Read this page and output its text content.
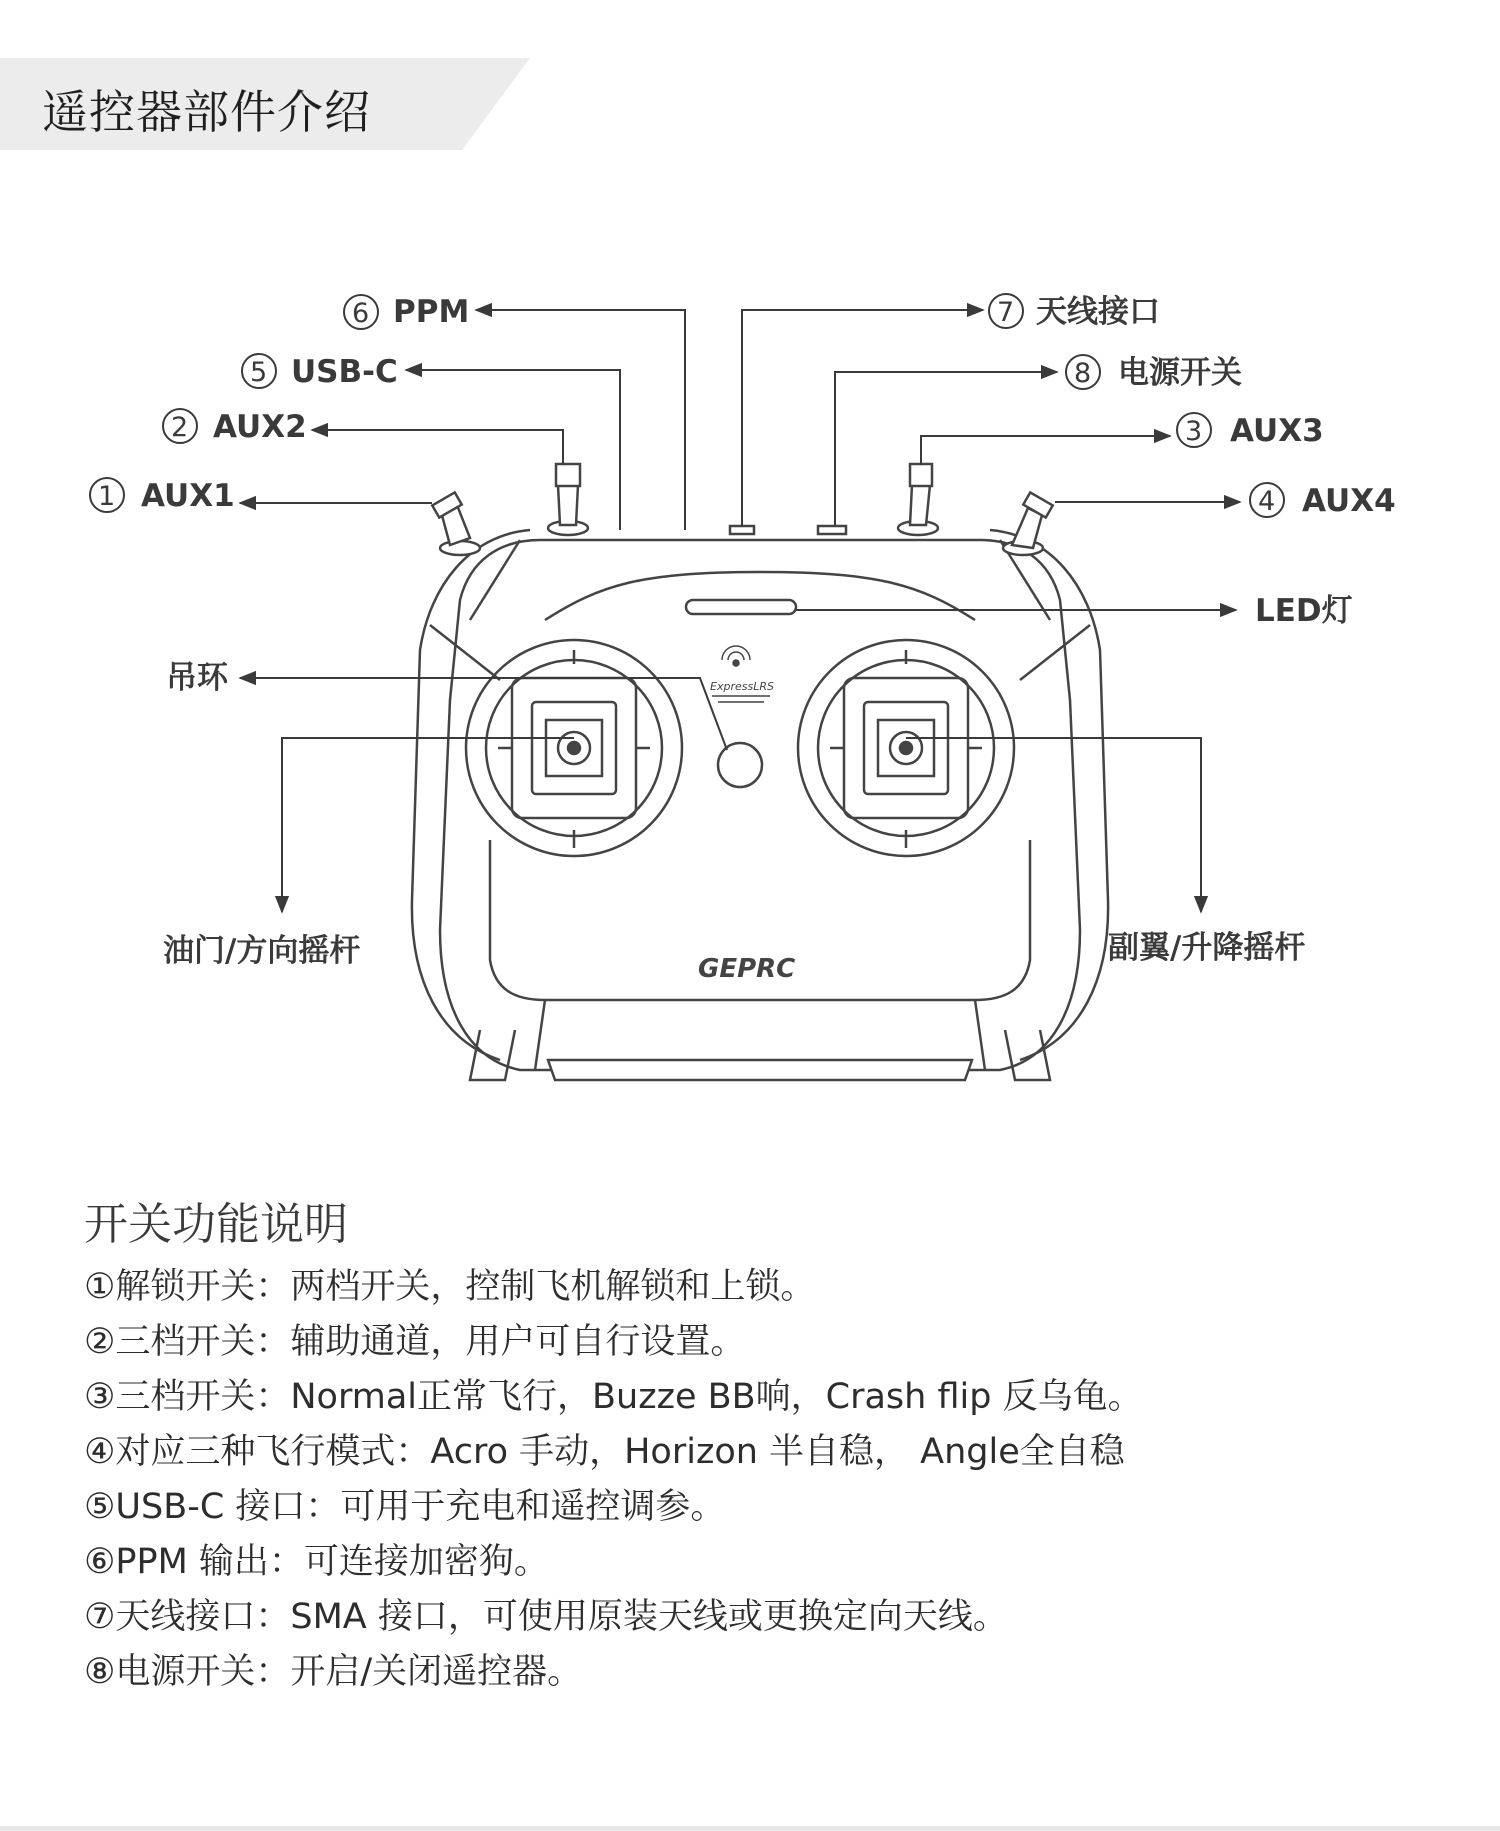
遥控器部件介绍
ExpressLRS
GEPRC
6 PPM
5 USB-C
2 AUX2
1 AUX1
7 天线接口
8 电源开关
3 AUX3
4 AUX4
LED灯
吊环
油门/方向摇杆	副翼/升降摇杆
开关功能说明
①解锁开关：两档开关，控制飞机解锁和上锁。
②三档开关：辅助通道，用户可自行设置。
③三档开关：Normal正常飞行，Buzze BB响，Crash flip 反乌龟。
④对应三种飞行模式：Acro 手动，Horizon 半自稳， Angle全自稳
⑤USB-C 接口：可用于充电和遥控调参。
⑥PPM 输出：可连接加密狗。
⑦天线接口：SMA 接口，可使用原装天线或更换定向天线。
⑧电源开关：开启/关闭遥控器。
